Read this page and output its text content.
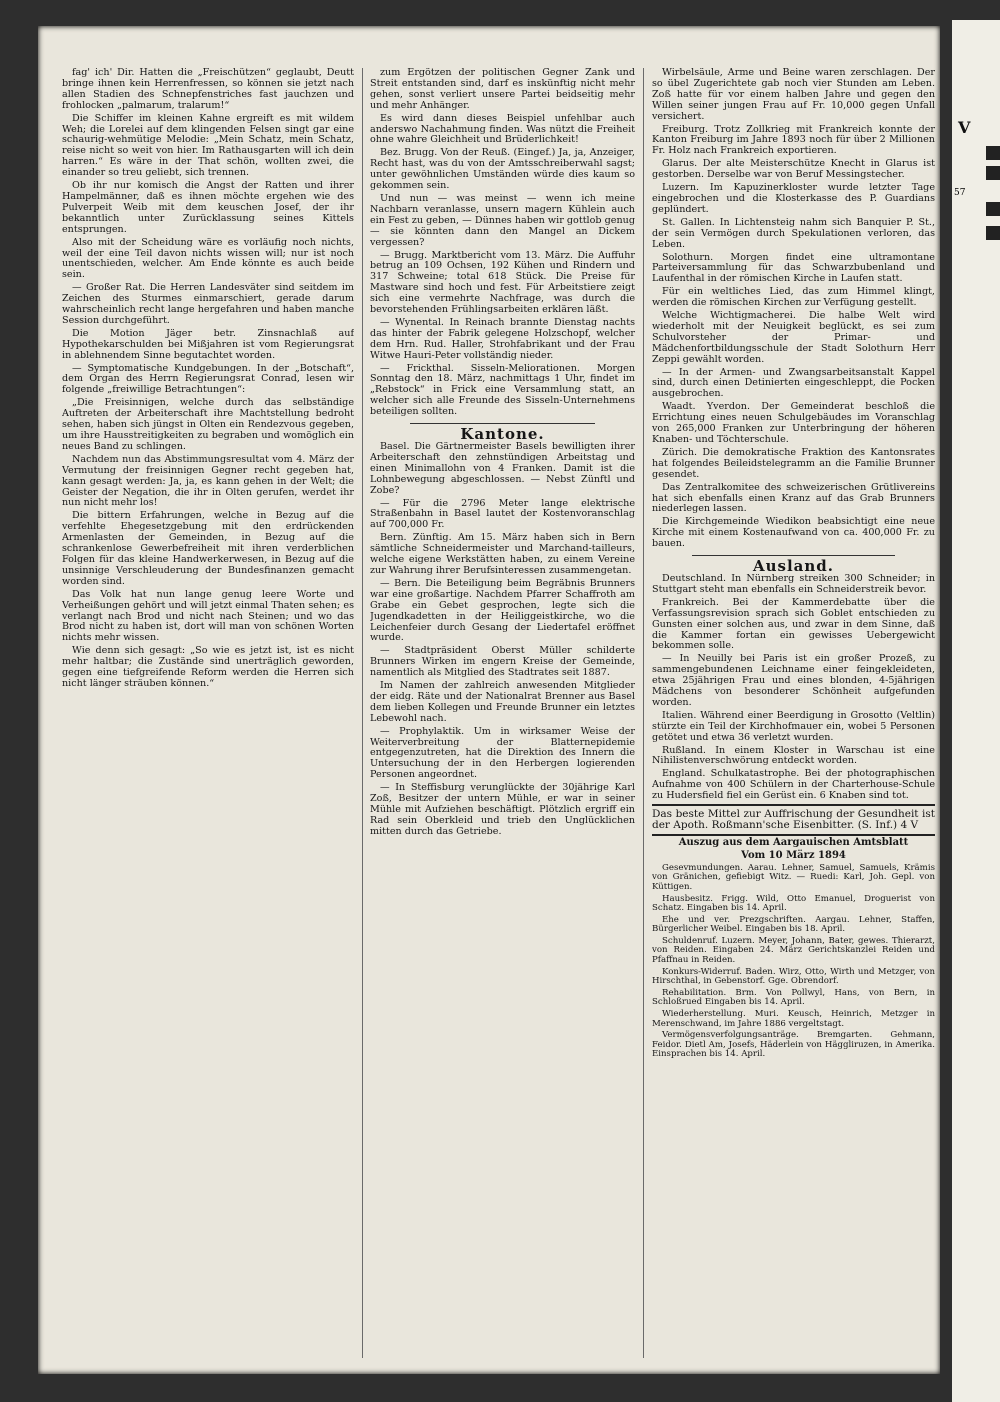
V
57

fag' ich' Dir. Hatten die „Freischützen“ geglaubt, Deutt bringe ihnen kein Herrenfressen, so können sie jetzt nach allen Stadien des Schnepfenstriches fast jauchzen und frohlocken „palmarum, tralarum!“

Die Schiffer im kleinen Kahne ergreift es mit wildem Weh; die Lorelei auf dem klingenden Felsen singt gar eine schaurig-wehmütige Melodie: „Mein Schatz, mein Schatz, reise nicht so weit von hier. Im Rathausgarten will ich dein harren.“ Es wäre in der That schön, wollten zwei, die einander so treu geliebt, sich trennen.

Ob ihr nur komisch die Angst der Ratten und ihrer Hampelmänner, daß es ihnen möchte ergehen wie des Pulverpeit Weib mit dem keuschen Josef, der ihr bekanntlich unter Zurücklassung seines Kittels entsprungen.

Also mit der Scheidung wäre es vorläufig noch nichts, weil der eine Teil davon nichts wissen will; nur ist noch unentschieden, welcher. Am Ende könnte es auch beide sein.

— Großer Rat. Die Herren Landesväter sind seitdem im Zeichen des Sturmes einmarschiert, gerade darum wahrscheinlich recht lange hergefahren und haben manche Session durchgeführt.

Die Motion Jäger betr. Zinsnachlaß auf Hypothekarschulden bei Mißjahren ist vom Regierungsrat in ablehnendem Sinne begutachtet worden.

— Symptomatische Kundgebungen. In der „Botschaft“, dem Organ des Herrn Regierungsrat Conrad, lesen wir folgende „freiwillige Betrachtungen“:

„Die Freisinnigen, welche durch das selbständige Auftreten der Arbeiterschaft ihre Machtstellung bedroht sehen, haben sich jüngst in Olten ein Rendezvous gegeben, um ihre Hausstreitigkeiten zu begraben und womöglich ein neues Band zu schlingen.

Nachdem nun das Abstimmungsresultat vom 4. März der Vermutung der freisinnigen Gegner recht gegeben hat, kann gesagt werden: Ja, ja, es kann gehen in der Welt; die Geister der Negation, die ihr in Olten gerufen, werdet ihr nun nicht mehr los!

Die bittern Erfahrungen, welche in Bezug auf die verfehlte Ehegesetzgebung mit den erdrückenden Armenlasten der Gemeinden, in Bezug auf die schrankenlose Gewerbefreiheit mit ihren verderblichen Folgen für das kleine Handwerkerwesen, in Bezug auf die unsinnige Verschleuderung der Bundesfinanzen gemacht worden sind.

Das Volk hat nun lange genug leere Worte und Verheißungen gehört und will jetzt einmal Thaten sehen; es verlangt nach Brod und nicht nach Steinen; und wo das Brod nicht zu haben ist, dort will man von schönen Worten nichts mehr wissen.

Wie denn sich gesagt: „So wie es jetzt ist, ist es nicht mehr haltbar; die Zustände sind unerträglich geworden, gegen eine tiefgreifende Reform werden die Herren sich nicht länger sträuben können.“

zum Ergötzen der politischen Gegner Zank und Streit entstanden sind, darf es inskünftig nicht mehr gehen, sonst verliert unsere Partei beidseitig mehr und mehr Anhänger.

Es wird dann dieses Beispiel unfehlbar auch anderswo Nachahmung finden. Was nützt die Freiheit ohne wahre Gleichheit und Brüderlichkeit!

Bez. Brugg. Von der Reuß. (Eingef.) Ja, ja, Anzeiger, Recht hast, was du von der Amtsschreiberwahl sagst; unter gewöhnlichen Umständen würde dies kaum so gekommen sein.

Und nun — was meinst — wenn ich meine Nachbarn veranlasse, unsern magern Kühlein auch ein Fest zu geben, — Dünnes haben wir gottlob genug — sie könnten dann den Mangel an Dickem vergessen?

— Brugg. Marktbericht vom 13. März. Die Auffuhr betrug an 109 Ochsen, 192 Kühen und Rindern und 317 Schweine; total 618 Stück. Die Preise für Mastware sind hoch und fest. Für Arbeitstiere zeigt sich eine vermehrte Nachfrage, was durch die bevorstehenden Frühlingsarbeiten erklären läßt.

— Wynental. In Reinach brannte Dienstag nachts das hinter der Fabrik gelegene Holzschopf, welcher dem Hrn. Rud. Haller, Strohfabrikant und der Frau Witwe Hauri-Peter vollständig nieder.

— Frickthal. Sisseln-Meliorationen. Morgen Sonntag den 18. März, nachmittags 1 Uhr, findet im „Rebstock“ in Frick eine Versammlung statt, an welcher sich alle Freunde des Sisseln-Unternehmens beteiligen sollten.

Kantone.

Basel. Die Gärtnermeister Basels bewilligten ihrer Arbeiterschaft den zehnstündigen Arbeitstag und einen Minimallohn von 4 Franken. Damit ist die Lohnbewegung abgeschlossen. — Nebst Zünftl und Zobe?

— Für die 2796 Meter lange elektrische Straßenbahn in Basel lautet der Kostenvoranschlag auf 700,000 Fr.

Bern. Zünftig. Am 15. März haben sich in Bern sämtliche Schneidermeister und Marchand-tailleurs, welche eigene Werkstätten haben, zu einem Vereine zur Wahrung ihrer Berufsinteressen zusammengetan.

— Bern. Die Beteiligung beim Begräbnis Brunners war eine großartige. Nachdem Pfarrer Schaffroth am Grabe ein Gebet gesprochen, legte sich die Jugendkadetten in der Heiliggeistkirche, wo die Leichenfeier durch Gesang der Liedertafel eröffnet wurde.

— Stadtpräsident Oberst Müller schilderte Brunners Wirken im engern Kreise der Gemeinde, namentlich als Mitglied des Stadtrates seit 1887.

Im Namen der zahlreich anwesenden Mitglieder der eidg. Räte und der Nationalrat Brenner aus Basel dem lieben Kollegen und Freunde Brunner ein letztes Lebewohl nach.

— Prophylaktik. Um in wirksamer Weise der Weiterverbreitung der Blatternepidemie entgegenzutreten, hat die Direktion des Innern die Untersuchung der in den Herbergen logierenden Personen angeordnet.

— In Steffisburg verunglückte der 30jährige Karl Zoß, Besitzer der untern Mühle, er war in seiner Mühle mit Aufziehen beschäftigt. Plötzlich ergriff ein Rad sein Oberkleid und trieb den Unglücklichen mitten durch das Getriebe.

Wirbelsäule, Arme und Beine waren zerschlagen. Der so übel Zugerichtete gab noch vier Stunden am Leben. Zoß hatte für vor einem halben Jahre und gegen den Willen seiner jungen Frau auf Fr. 10,000 gegen Unfall versichert.

Freiburg. Trotz Zollkrieg mit Frankreich konnte der Kanton Freiburg im Jahre 1893 noch für über 2 Millionen Fr. Holz nach Frankreich exportieren.

Glarus. Der alte Meisterschütze Knecht in Glarus ist gestorben. Derselbe war von Beruf Messingstecher.

Luzern. Im Kapuzinerkloster wurde letzter Tage eingebrochen und die Klosterkasse des P. Guardians geplündert.

St. Gallen. In Lichtensteig nahm sich Banquier P. St., der sein Vermögen durch Spekulationen verloren, das Leben.

Solothurn. Morgen findet eine ultramontane Parteiversammlung für das Schwarzbubenland und Laufenthal in der römischen Kirche in Laufen statt.

Für ein weltliches Lied, das zum Himmel klingt, werden die römischen Kirchen zur Verfügung gestellt.

Welche Wichtigmacherei. Die halbe Welt wird wiederholt mit der Neuigkeit beglückt, es sei zum Schulvorsteher der Primar- und Mädchenfortbildungsschule der Stadt Solothurn Herr Zeppi gewählt worden.

— In der Armen- und Zwangsarbeitsanstalt Kappel sind, durch einen Detinierten eingeschleppt, die Pocken ausgebrochen.

Waadt. Yverdon. Der Gemeinderat beschloß die Errichtung eines neuen Schulgebäudes im Voranschlag von 265,000 Franken zur Unterbringung der höheren Knaben- und Töchterschule.

Zürich. Die demokratische Fraktion des Kantonsrates hat folgendes Beileidstelegramm an die Familie Brunner gesendet.

Das Zentralkomitee des schweizerischen Grütlivereins hat sich ebenfalls einen Kranz auf das Grab Brunners niederlegen lassen.

Die Kirchgemeinde Wiedikon beabsichtigt eine neue Kirche mit einem Kostenaufwand von ca. 400,000 Fr. zu bauen.

Ausland.

Deutschland. In Nürnberg streiken 300 Schneider; in Stuttgart steht man ebenfalls ein Schneiderstreik bevor.

Frankreich. Bei der Kammerdebatte über die Verfassungsrevision sprach sich Goblet entschieden zu Gunsten einer solchen aus, und zwar in dem Sinne, daß die Kammer fortan ein gewisses Uebergewicht bekommen solle.

— In Neuilly bei Paris ist ein großer Prozeß, zu sammengebundenen Leichname einer feingekleideten, etwa 25jährigen Frau und eines blonden, 4-5jährigen Mädchens von besonderer Schönheit aufgefunden worden.

Italien. Während einer Beerdigung in Grosotto (Veltlin) stürzte ein Teil der Kirchhofmauer ein, wobei 5 Personen getötet und etwa 36 verletzt wurden.

Rußland. In einem Kloster in Warschau ist eine Nihilistenverschwörung entdeckt worden.

England. Schulkatastrophe. Bei der photographischen Aufnahme von 400 Schülern in der Charterhouse-Schule zu Hudersfield fiel ein Gerüst ein. 6 Knaben sind tot.

Das beste Mittel zur Auffrischung der Gesundheit ist der Apoth. Roßmann'sche Eisenbitter. (S. Inf.) 4 V

Auszug aus dem Aargauischen Amtsblatt

Vom 10 März 1894

Gesevmundungen. Aarau. Lehner, Samuel, Samuels, Krämis von Gränichen, gefiebigt Witz. — Ruedi: Karl, Joh. Gepl. von Küttigen.

Hausbesitz. Frigg. Wild, Otto Emanuel, Droguerist von Schatz. Eingaben bis 14. April.

Ehe und ver. Prezgschriften. Aargau. Lehner, Staffen, Bürgerlicher Weibel. Eingaben bis 18. April.

Schuldenruf. Luzern. Meyer, Johann, Bater, gewes. Thierarzt, von Reiden. Eingaben 24. März Gerichtskanzlei Reiden und Pfaffnau in Reiden.

Konkurs-Widerruf. Baden. Wirz, Otto, Wirth und Metzger, von Hirschthal, in Gebenstorf. Gge. Obrendorf.

Rehabilitation. Brm. Von Pollwyl, Hans, von Bern, in Schloßrued Eingaben bis 14. April.

Wiederherstellung. Muri. Keusch, Heinrich, Metzger in Merenschwand, im Jahre 1886 vergeltstagt.

Vermögensverfolgungsanträge. Bremgarten. Gehmann, Feidor. Dietl Am, Josefs, Häderlein von Häggliruzen, in Amerika. Einsprachen bis 14. April.
